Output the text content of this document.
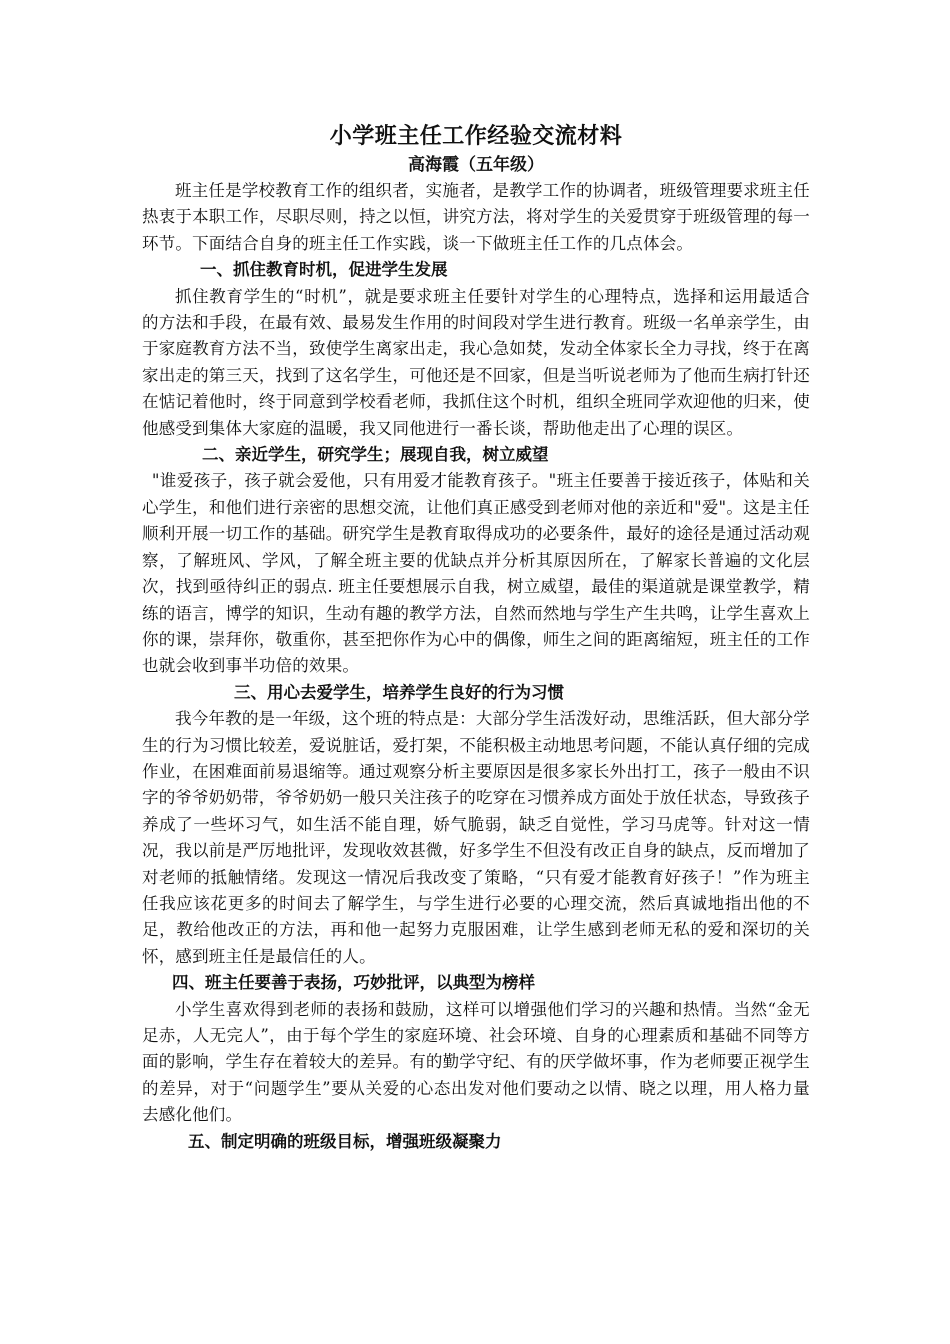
小学班主任工作经验交流材料

高海霞（五年级）

班主任是学校教育工作的组织者，实施者，是教学工作的协调者，班级管理要求班主任热衷于本职工作，尽职尽则，持之以恒，讲究方法，将对学生的关爱贯穿于班级管理的每一环节。下面结合自身的班主任工作实践，谈一下做班主任工作的几点体会。

一、抓住教育时机，促进学生发展

抓住教育学生的“时机”，就是要求班主任要针对学生的心理特点，选择和运用最适合的方法和手段，在最有效、最易发生作用的时间段对学生进行教育。班级一名单亲学生，由于家庭教育方法不当，致使学生离家出走，我心急如焚，发动全体家长全力寻找，终于在离家出走的第三天，找到了这名学生，可他还是不回家，但是当听说老师为了他而生病打针还在惦记着他时，终于同意到学校看老师，我抓住这个时机，组织全班同学欢迎他的归来，使他感受到集体大家庭的温暖，我又同他进行一番长谈，帮助他走出了心理的误区。

二、亲近学生，研究学生；展现自我，树立威望

"谁爱孩子，孩子就会爱他，只有用爱才能教育孩子。"班主任要善于接近孩子，体贴和关心学生，和他们进行亲密的思想交流，让他们真正感受到老师对他的亲近和"爱"。这是主任顺利开展一切工作的基础。研究学生是教育取得成功的必要条件，最好的途径是通过活动观察，了解班风、学风，了解全班主要的优缺点并分析其原因所在，了解家长普遍的文化层次，找到亟待纠正的弱点. 班主任要想展示自我，树立威望，最佳的渠道就是课堂教学，精练的语言，博学的知识，生动有趣的教学方法，自然而然地与学生产生共鸣，让学生喜欢上你的课，崇拜你，敬重你，甚至把你作为心中的偶像，师生之间的距离缩短，班主任的工作也就会收到事半功倍的效果。

三、用心去爱学生，培养学生良好的行为习惯

我今年教的是一年级，这个班的特点是：大部分学生活泼好动，思维活跃，但大部分学生的行为习惯比较差，爱说脏话，爱打架，不能积极主动地思考问题，不能认真仔细的完成作业，在困难面前易退缩等。通过观察分析主要原因是很多家长外出打工，孩子一般由不识字的爷爷奶奶带，爷爷奶奶一般只关注孩子的吃穿在习惯养成方面处于放任状态，导致孩子养成了一些坏习气，如生活不能自理，娇气脆弱，缺乏自觉性，学习马虎等。针对这一情况，我以前是严厉地批评，发现收效甚微，好多学生不但没有改正自身的缺点，反而增加了对老师的抵触情绪。发现这一情况后我改变了策略，“只有爱才能教育好孩子！”作为班主任我应该花更多的时间去了解学生，与学生进行必要的心理交流，然后真诚地指出他的不足，教给他改正的方法，再和他一起努力克服困难，让学生感到老师无私的爱和深切的关怀，感到班主任是最信任的人。

四、班主任要善于表扬，巧妙批评，以典型为榜样

小学生喜欢得到老师的表扬和鼓励，这样可以增强他们学习的兴趣和热情。当然“金无足赤，人无完人”，由于每个学生的家庭环境、社会环境、自身的心理素质和基础不同等方面的影响，学生存在着较大的差异。有的勤学守纪、有的厌学做坏事，作为老师要正视学生的差异，对于“问题学生”要从关爱的心态出发对他们要动之以情、晓之以理，用人格力量去感化他们。

五、制定明确的班级目标，增强班级凝聚力
